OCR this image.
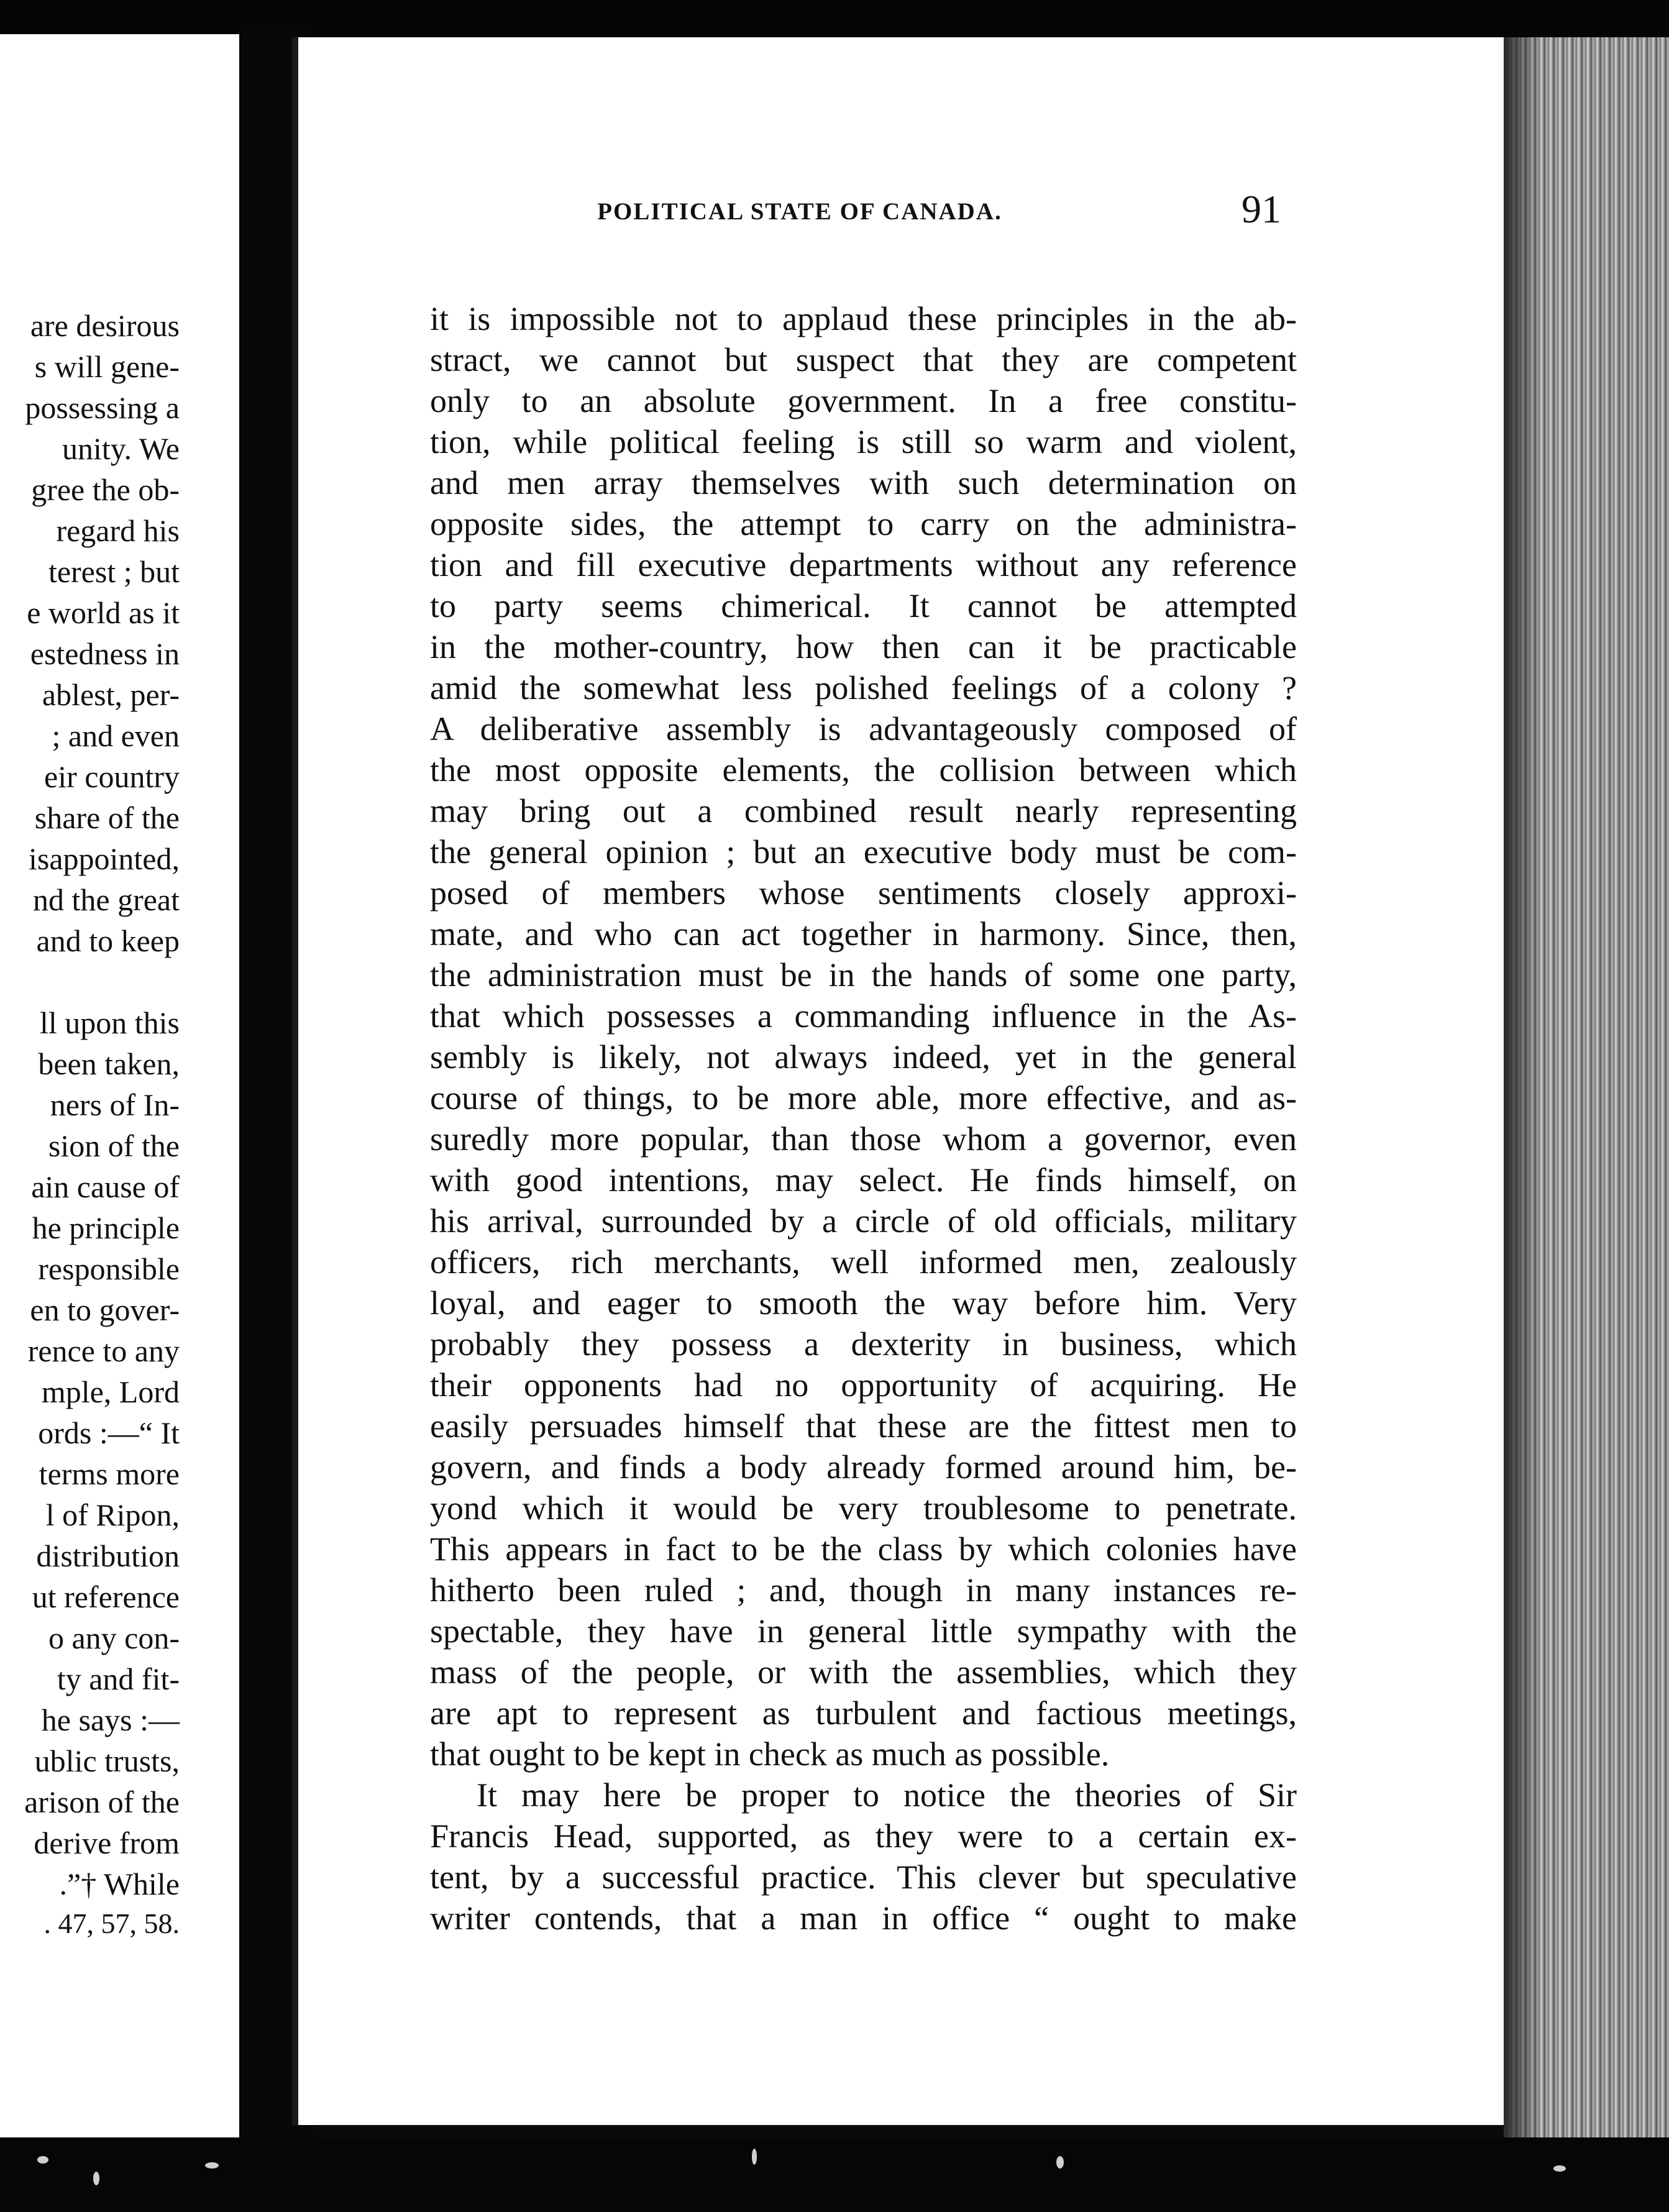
are desirous
s will gene-
possessing a
unity. We
gree the ob-
regard his
terest ; but
e world as it
estedness in
ablest, per-
; and even
eir country
share of the
isappointed,
nd the great
and to keep
ll upon this
been taken,
ners of In-
sion of the
ain cause of
he principle
responsible
en to gover-
rence to any
mple, Lord
ords :—“ It
terms more
l of Ripon,
distribution
ut reference
o any con-
ty and fit-
he says :—
ublic trusts,
arison of the
derive from
.”† While
. 47, 57, 58.
POLITICAL STATE OF CANADA.	91
it is impossible not to applaud these principles in the ab-
stract, we cannot but suspect that they are competent
only to an absolute government. In a free constitu-
tion, while political feeling is still so warm and violent,
and men array themselves with such determination on
opposite sides, the attempt to carry on the administra-
tion and fill executive departments without any reference
to party seems chimerical. It cannot be attempted
in the mother-country, how then can it be practicable
amid the somewhat less polished feelings of a colony ?
A deliberative assembly is advantageously composed of
the most opposite elements, the collision between which
may bring out a combined result nearly representing
the general opinion ; but an executive body must be com-
posed of members whose sentiments closely approxi-
mate, and who can act together in harmony. Since, then,
the administration must be in the hands of some one party,
that which possesses a commanding influence in the As-
sembly is likely, not always indeed, yet in the general
course of things, to be more able, more effective, and as-
suredly more popular, than those whom a governor, even
with good intentions, may select. He finds himself, on
his arrival, surrounded by a circle of old officials, military
officers, rich merchants, well informed men, zealously
loyal, and eager to smooth the way before him. Very
probably they possess a dexterity in business, which
their opponents had no opportunity of acquiring. He
easily persuades himself that these are the fittest men to
govern, and finds a body already formed around him, be-
yond which it would be very troublesome to penetrate.
This appears in fact to be the class by which colonies have
hitherto been ruled ; and, though in many instances re-
spectable, they have in general little sympathy with the
mass of the people, or with the assemblies, which they
are apt to represent as turbulent and factious meetings,
that ought to be kept in check as much as possible.
It may here be proper to notice the theories of Sir
Francis Head, supported, as they were to a certain ex-
tent, by a successful practice. This clever but speculative
writer contends, that a man in office “ ought to make
